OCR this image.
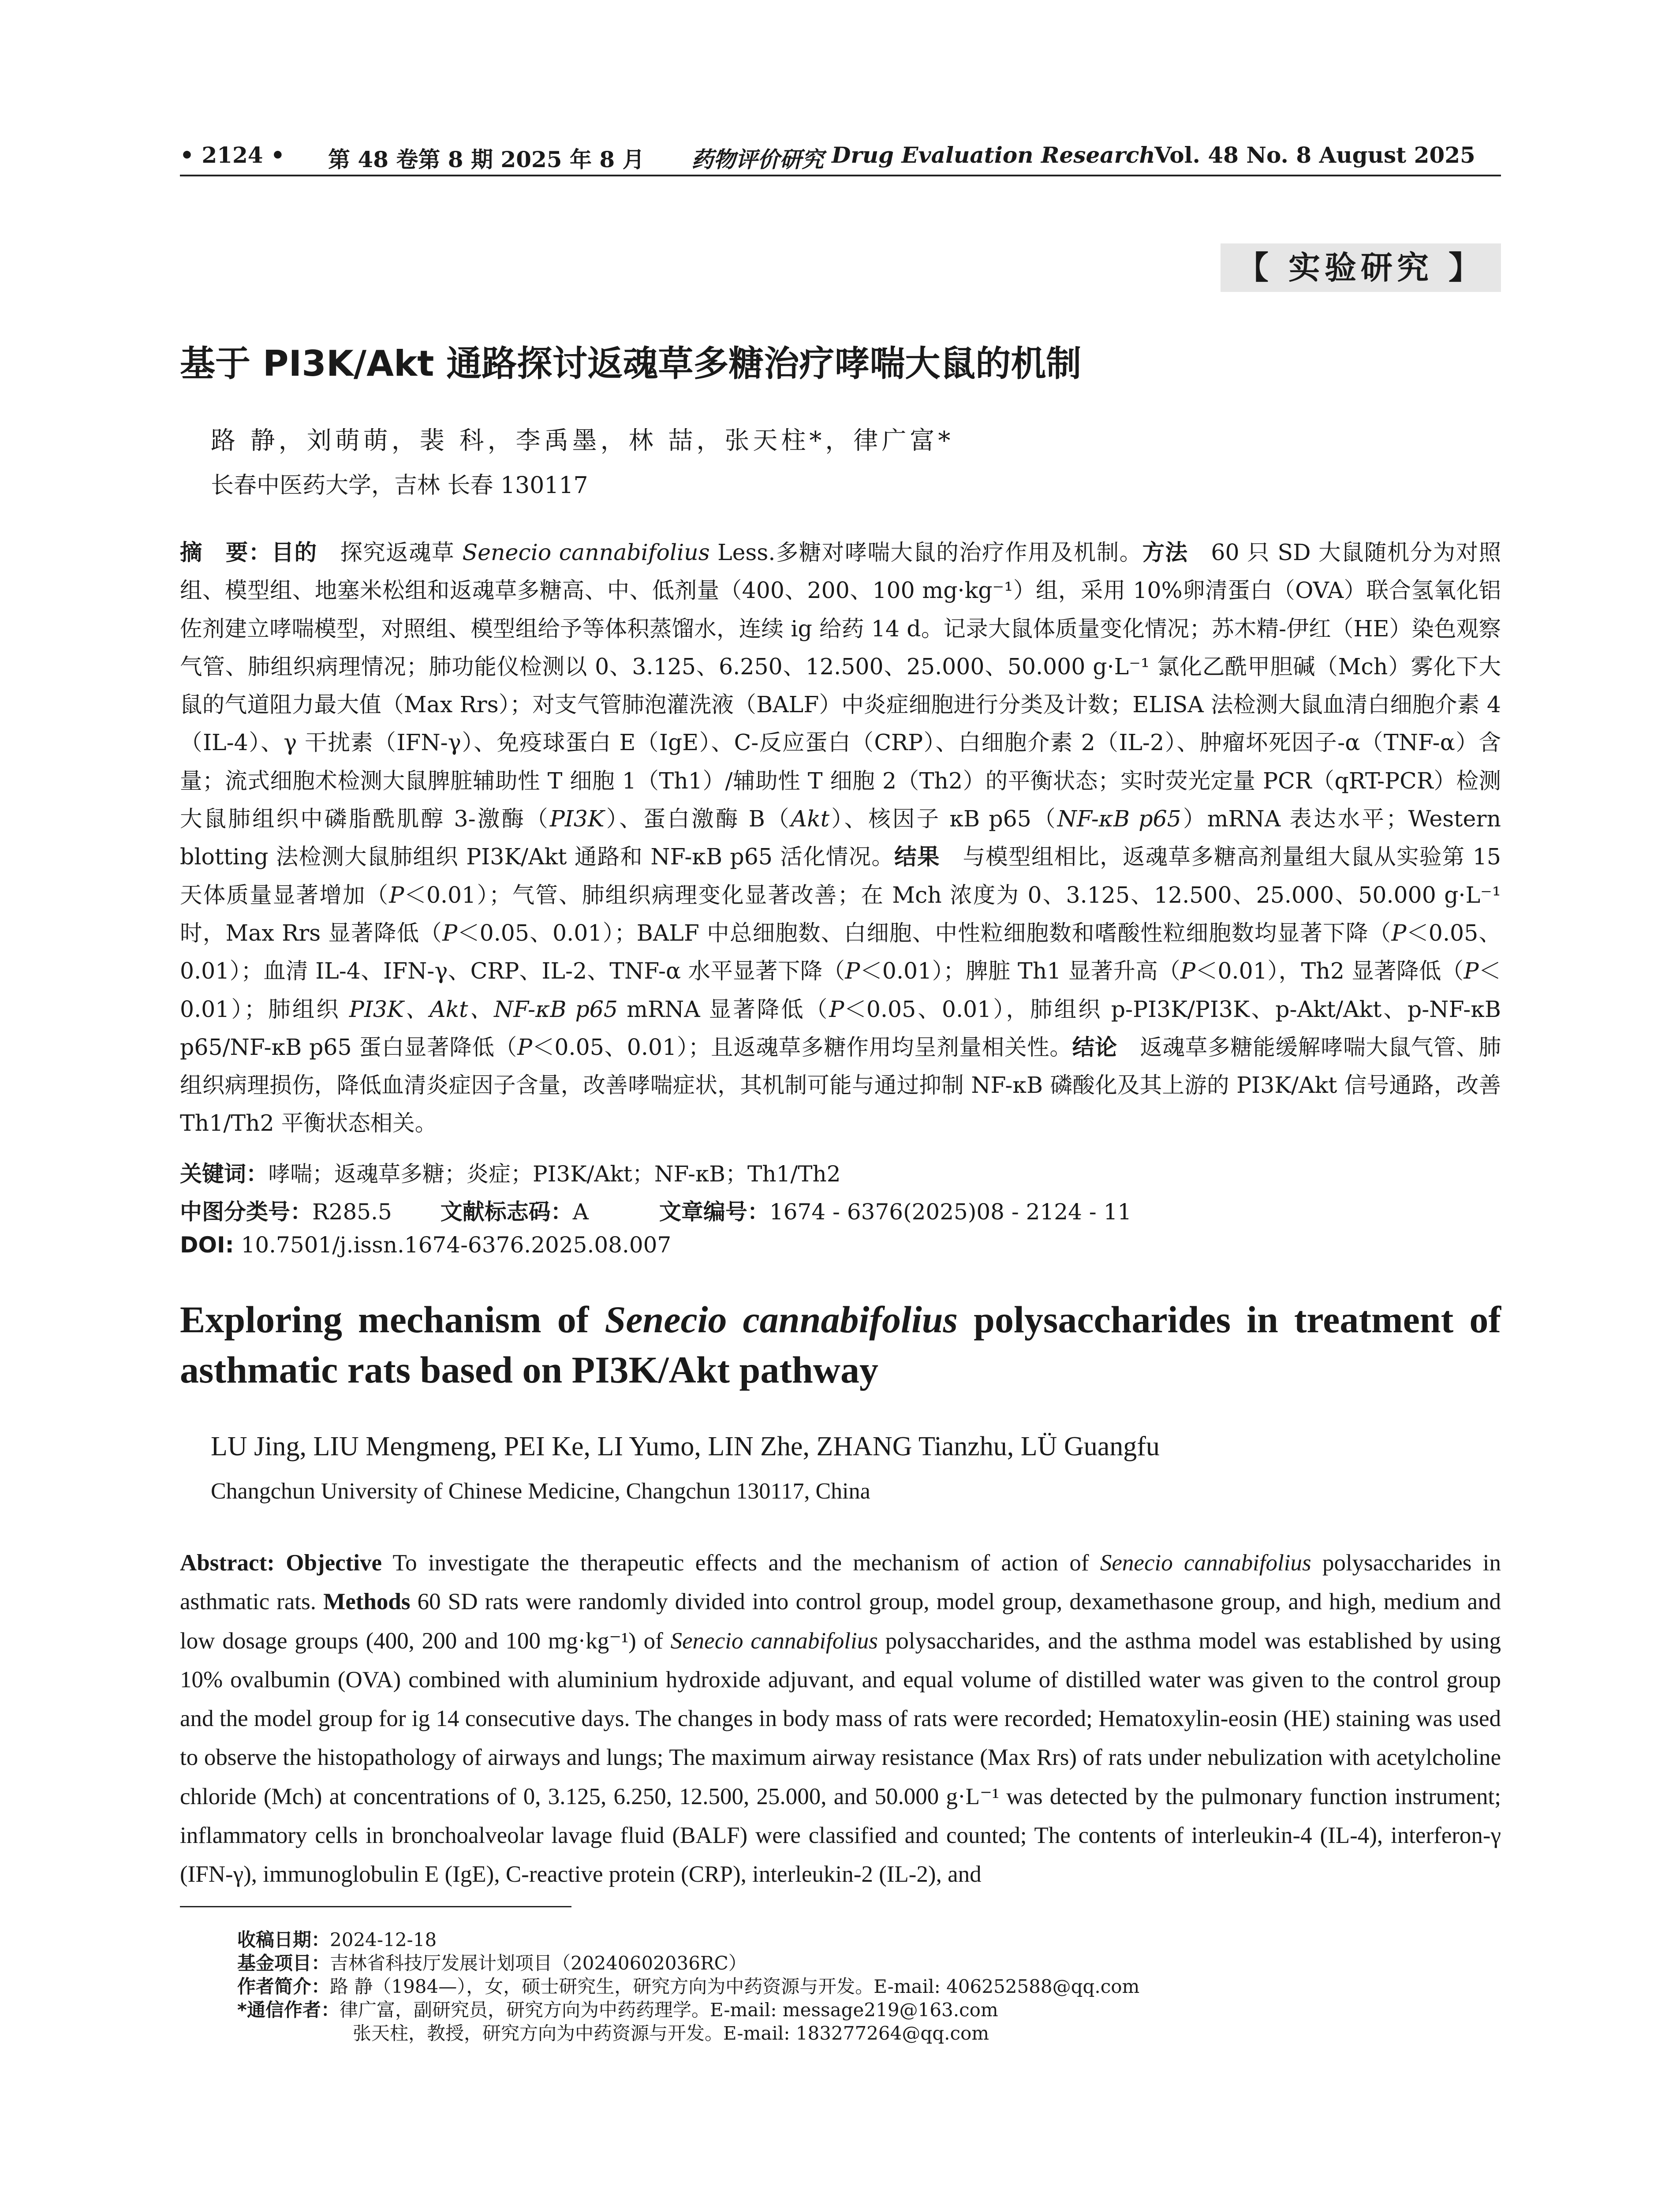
• 2124 • 第 48 卷第 8 期 2025 年 8 月 药物评价研究 Drug Evaluation Research
Vol. 48 No. 8 August 2025
【 实验研究 】
基于 PI3K/Akt 通路探讨返魂草多糖治疗哮喘大鼠的机制
路 静，刘萌萌，裴 科，李禹墨，林 喆，张天柱*，律广富*
长春中医药大学，吉林 长春 130117
摘　要：目的　探究返魂草 Senecio cannabifolius Less.多糖对哮喘大鼠的治疗作用及机制。方法　60 只 SD 大鼠随机分为对照组、模型组、地塞米松组和返魂草多糖高、中、低剂量（400、200、100 mg·kg⁻¹）组，采用 10%卵清蛋白（OVA）联合氢氧化铝佐剂建立哮喘模型，对照组、模型组给予等体积蒸馏水，连续 ig 给药 14 d。记录大鼠体质量变化情况；苏木精-伊红（HE）染色观察气管、肺组织病理情况；肺功能仪检测以 0、3.125、6.250、12.500、25.000、50.000 g·L⁻¹ 氯化乙酰甲胆碱（Mch）雾化下大鼠的气道阻力最大值（Max Rrs）；对支气管肺泡灌洗液（BALF）中炎症细胞进行分类及计数；ELISA 法检测大鼠血清白细胞介素 4（IL-4）、γ 干扰素（IFN-γ）、免疫球蛋白 E（IgE）、C-反应蛋白（CRP）、白细胞介素 2（IL-2）、肿瘤坏死因子-α（TNF-α）含量；流式细胞术检测大鼠脾脏辅助性 T 细胞 1（Th1）/辅助性 T 细胞 2（Th2）的平衡状态；实时荧光定量 PCR（qRT-PCR）检测大鼠肺组织中磷脂酰肌醇 3-激酶（PI3K）、蛋白激酶 B（Akt）、核因子 κB p65（NF-κB p65）mRNA 表达水平；Western blotting 法检测大鼠肺组织 PI3K/Akt 通路和 NF-κB p65 活化情况。结果　与模型组相比，返魂草多糖高剂量组大鼠从实验第 15 天体质量显著增加（P＜0.01）；气管、肺组织病理变化显著改善；在 Mch 浓度为 0、3.125、12.500、25.000、50.000 g·L⁻¹ 时，Max Rrs 显著降低（P＜0.05、0.01）；BALF 中总细胞数、白细胞、中性粒细胞数和嗜酸性粒细胞数均显著下降（P＜0.05、0.01）；血清 IL-4、IFN-γ、CRP、IL-2、TNF-α 水平显著下降（P＜0.01）；脾脏 Th1 显著升高（P＜0.01），Th2 显著降低（P＜0.01）；肺组织 PI3K、Akt、NF-κB p65 mRNA 显著降低（P＜0.05、0.01），肺组织 p-PI3K/PI3K、p-Akt/Akt、p-NF-κB p65/NF-κB p65 蛋白显著降低（P＜0.05、0.01）；且返魂草多糖作用均呈剂量相关性。结论　返魂草多糖能缓解哮喘大鼠气管、肺组织病理损伤，降低血清炎症因子含量，改善哮喘症状，其机制可能与通过抑制 NF-κB 磷酸化及其上游的 PI3K/Akt 信号通路，改善 Th1/Th2 平衡状态相关。
关键词：哮喘；返魂草多糖；炎症；PI3K/Akt；NF-κB；Th1/Th2
中图分类号：R285.5 文献标志码：A	文章编号：1674 - 6376(2025)08 - 2124 - 11
DOI: 10.7501/j.issn.1674-6376.2025.08.007
Exploring mechanism of Senecio cannabifolius polysaccharides in treatment of asthmatic rats based on PI3K/Akt pathway
LU Jing, LIU Mengmeng, PEI Ke, LI Yumo, LIN Zhe, ZHANG Tianzhu, LÜ Guangfu
Changchun University of Chinese Medicine, Changchun 130117, China
Abstract: Objective To investigate the therapeutic effects and the mechanism of action of Senecio cannabifolius polysaccharides in asthmatic rats. Methods 60 SD rats were randomly divided into control group, model group, dexamethasone group, and high, medium and low dosage groups (400, 200 and 100 mg·kg⁻¹) of Senecio cannabifolius polysaccharides, and the asthma model was established by using 10% ovalbumin (OVA) combined with aluminium hydroxide adjuvant, and equal volume of distilled water was given to the control group and the model group for ig 14 consecutive days. The changes in body mass of rats were recorded; Hematoxylin-eosin (HE) staining was used to observe the histopathology of airways and lungs; The maximum airway resistance (Max Rrs) of rats under nebulization with acetylcholine chloride (Mch) at concentrations of 0, 3.125, 6.250, 12.500, 25.000, and 50.000 g·L⁻¹ was detected by the pulmonary function instrument; inflammatory cells in bronchoalveolar lavage fluid (BALF) were classified and counted; The contents of interleukin-4 (IL-4), interferon-γ (IFN-γ), immunoglobulin E (IgE), C-reactive protein (CRP), interleukin-2 (IL-2), and
收稿日期：2024-12-18
基金项目：吉林省科技厅发展计划项目（20240602036RC）
作者简介：路 静（1984—），女，硕士研究生，研究方向为中药资源与开发。E-mail: 406252588@qq.com
*通信作者：律广富，副研究员，研究方向为中药药理学。E-mail: message219@163.com
张天柱，教授，研究方向为中药资源与开发。E-mail: 183277264@qq.com
